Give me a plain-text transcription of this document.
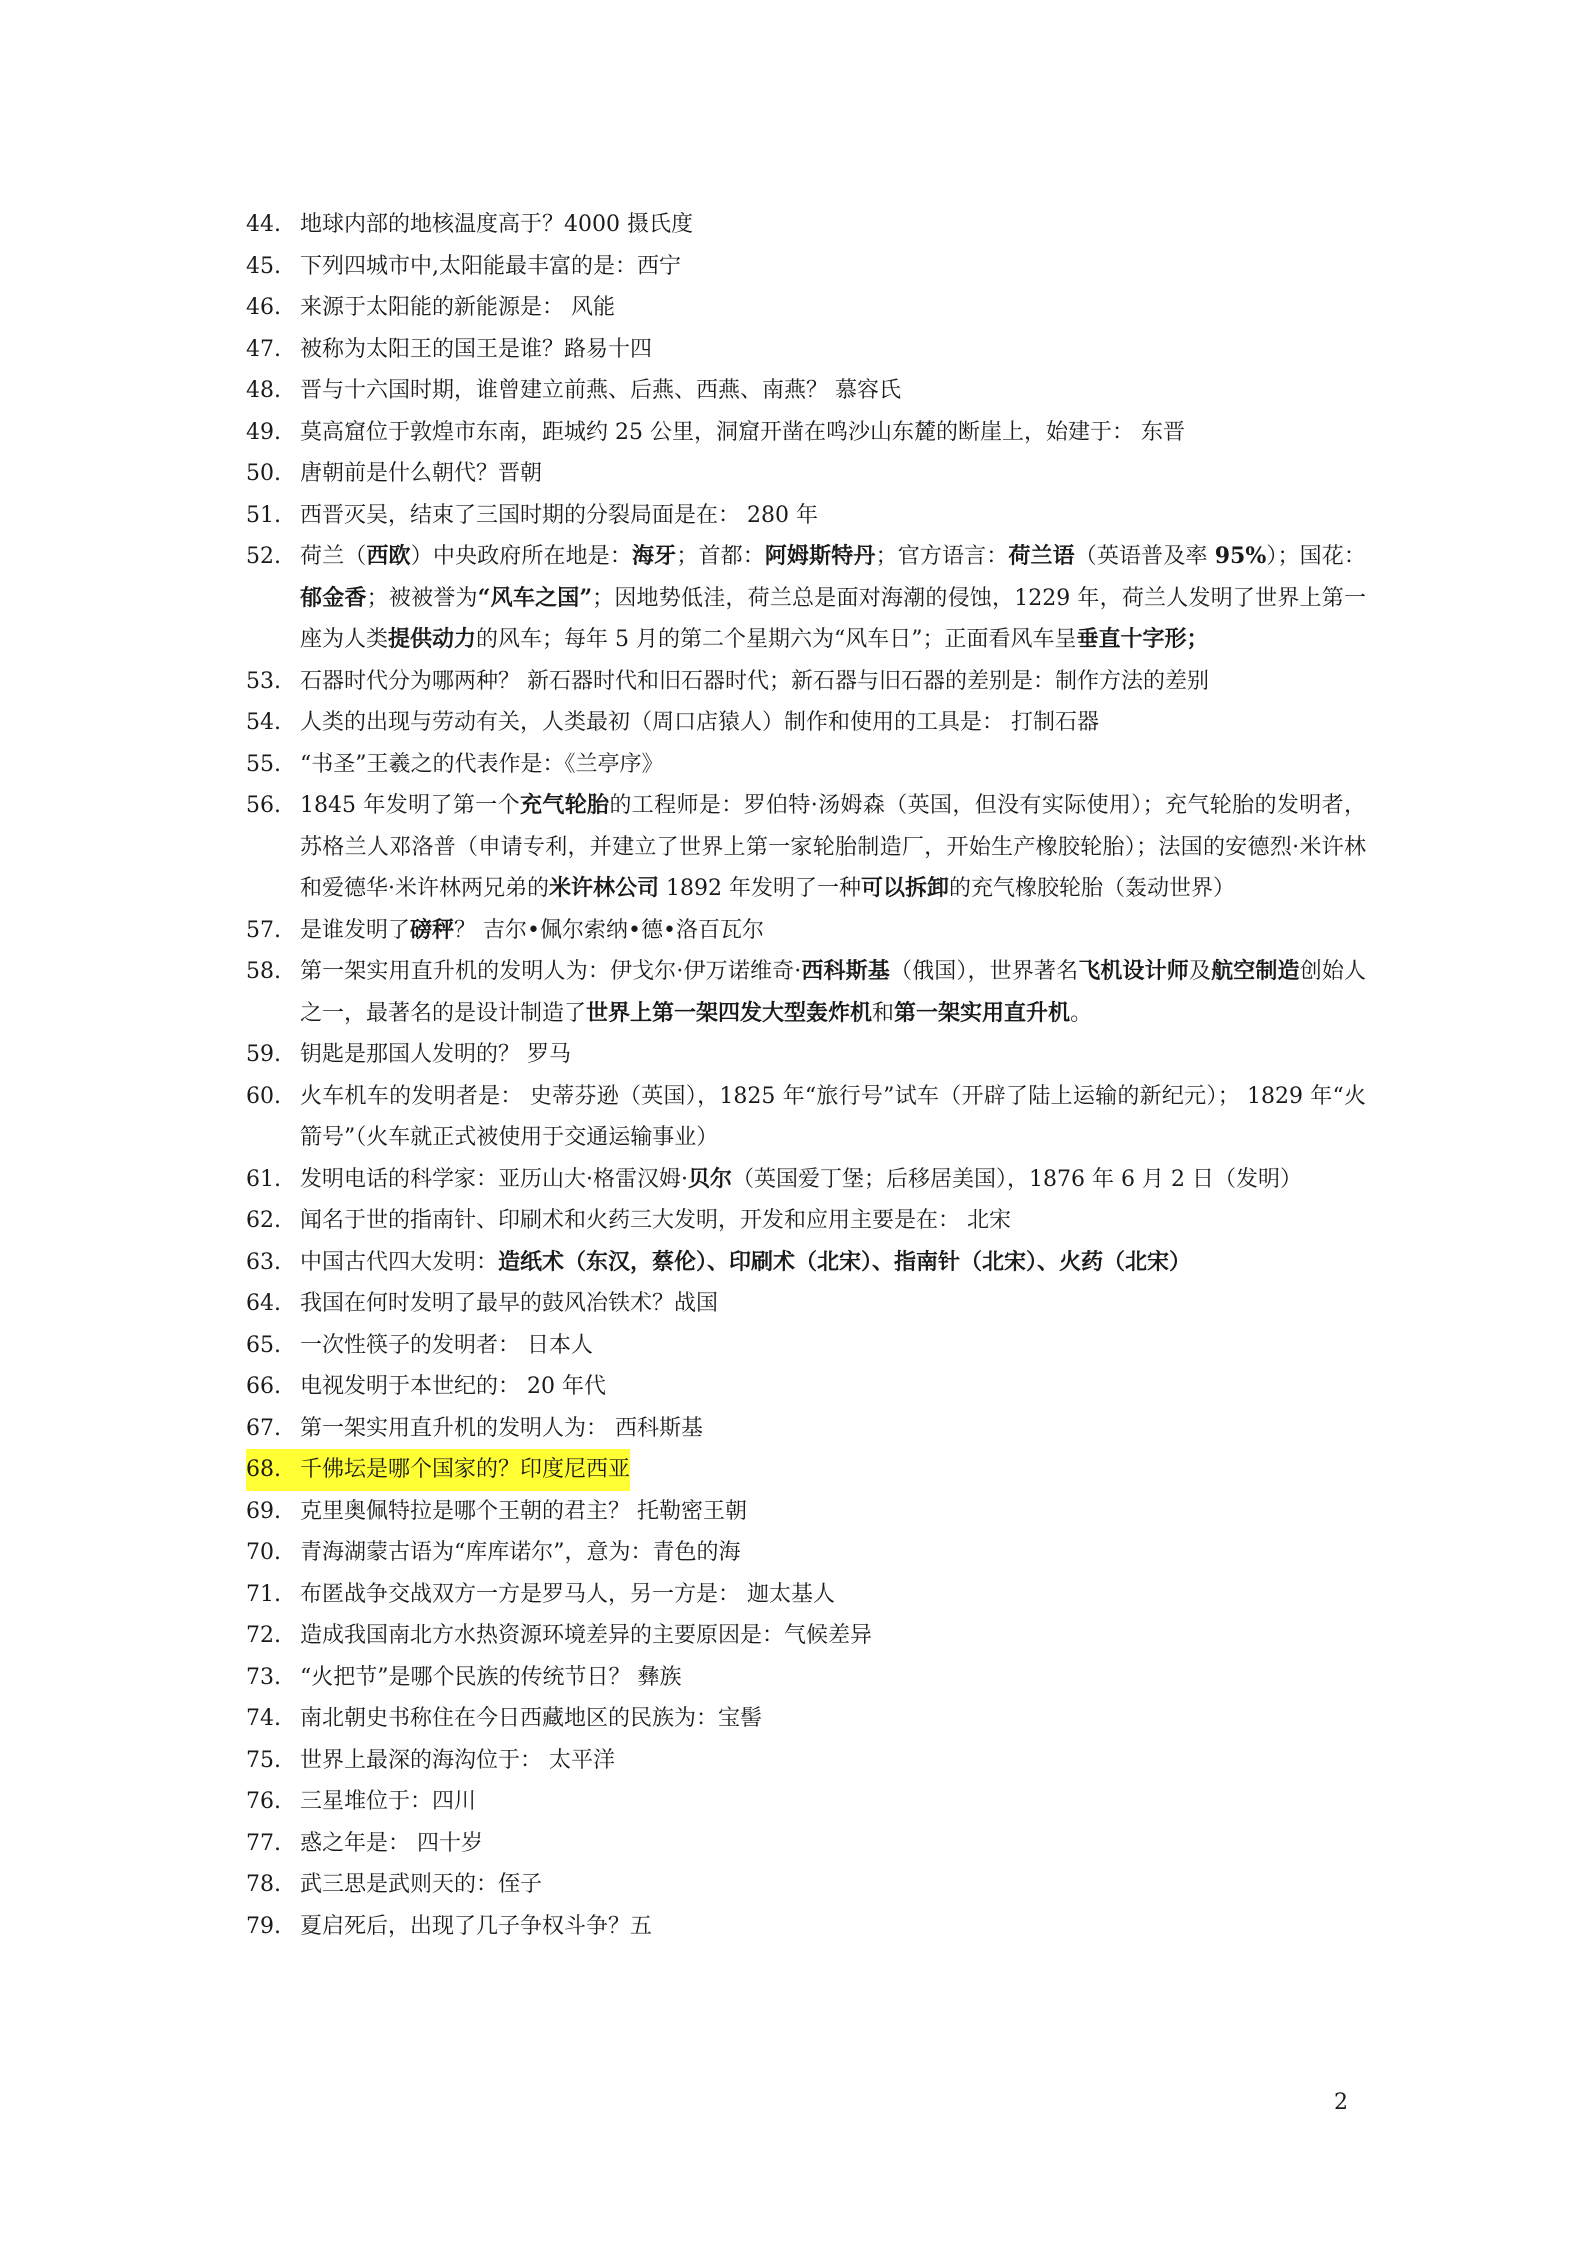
44. 地球内部的地核温度高于？4000 摄氏度
45. 下列四城市中,太阳能最丰富的是：西宁
46. 来源于太阳能的新能源是： 风能
47. 被称为太阳王的国王是谁？路易十四
48. 晋与十六国时期，谁曾建立前燕、后燕、西燕、南燕？ 慕容氏
49. 莫高窟位于敦煌市东南，距城约 25 公里，洞窟开凿在鸣沙山东麓的断崖上，始建于： 东晋
50. 唐朝前是什么朝代？晋朝
51. 西晋灭吴，结束了三国时期的分裂局面是在： 280 年
52. 荷兰（西欧）中央政府所在地是：海牙；首都：阿姆斯特丹；官方语言：荷兰语（英语普及率 95%）；国花：郁金香；被被誉为“风车之国”；因地势低洼，荷兰总是面对海潮的侵蚀，1229 年，荷兰人发明了世界上第一座为人类提供动力的风车；每年 5 月的第二个星期六为“风车日”；正面看风车呈垂直十字形；
53. 石器时代分为哪两种？ 新石器时代和旧石器时代；新石器与旧石器的差别是：制作方法的差别
54. 人类的出现与劳动有关，人类最初（周口店猿人）制作和使用的工具是： 打制石器
55. “书圣”王羲之的代表作是：《兰亭序》
56. 1845 年发明了第一个充气轮胎的工程师是：罗伯特·汤姆森（英国，但没有实际使用）；充气轮胎的发明者，苏格兰人邓洛普（申请专利，并建立了世界上第一家轮胎制造厂，开始生产橡胶轮胎）；法国的安德烈·米许林和爱德华·米许林两兄弟的米许林公司 1892 年发明了一种可以拆卸的充气橡胶轮胎（轰动世界）
57. 是谁发明了磅秤？ 吉尔•佩尔索纳•德•洛百瓦尔
58. 第一架实用直升机的发明人为：伊戈尔·伊万诺维奇·西科斯基（俄国），世界著名飞机设计师及航空制造创始人之一，最著名的是设计制造了世界上第一架四发大型轰炸机和第一架实用直升机。
59. 钥匙是那国人发明的？ 罗马
60. 火车机车的发明者是： 史蒂芬逊（英国），1825 年“旅行号”试车（开辟了陆上运输的新纪元）； 1829 年“火箭号”（火车就正式被使用于交通运输事业）
61. 发明电话的科学家：亚历山大·格雷汉姆·贝尔（英国爱丁堡；后移居美国），1876 年 6 月 2 日（发明）
62. 闻名于世的指南针、印刷术和火药三大发明，开发和应用主要是在： 北宋
63. 中国古代四大发明：造纸术（东汉，蔡伦）、印刷术（北宋）、指南针（北宋）、火药（北宋）
64. 我国在何时发明了最早的鼓风冶铁术？战国
65. 一次性筷子的发明者： 日本人
66. 电视发明于本世纪的： 20 年代
67. 第一架实用直升机的发明人为： 西科斯基
68. 千佛坛是哪个国家的？印度尼西亚
69. 克里奥佩特拉是哪个王朝的君主？ 托勒密王朝
70. 青海湖蒙古语为“库库诺尔”，意为：青色的海
71. 布匿战争交战双方一方是罗马人，另一方是： 迦太基人
72. 造成我国南北方水热资源环境差异的主要原因是：气候差异
73. “火把节”是哪个民族的传统节日？ 彝族
74. 南北朝史书称住在今日西藏地区的民族为：宝髻
75. 世界上最深的海沟位于： 太平洋
76. 三星堆位于：四川
77. 惑之年是： 四十岁
78. 武三思是武则天的：侄子
79. 夏启死后，出现了几子争权斗争？五
2
